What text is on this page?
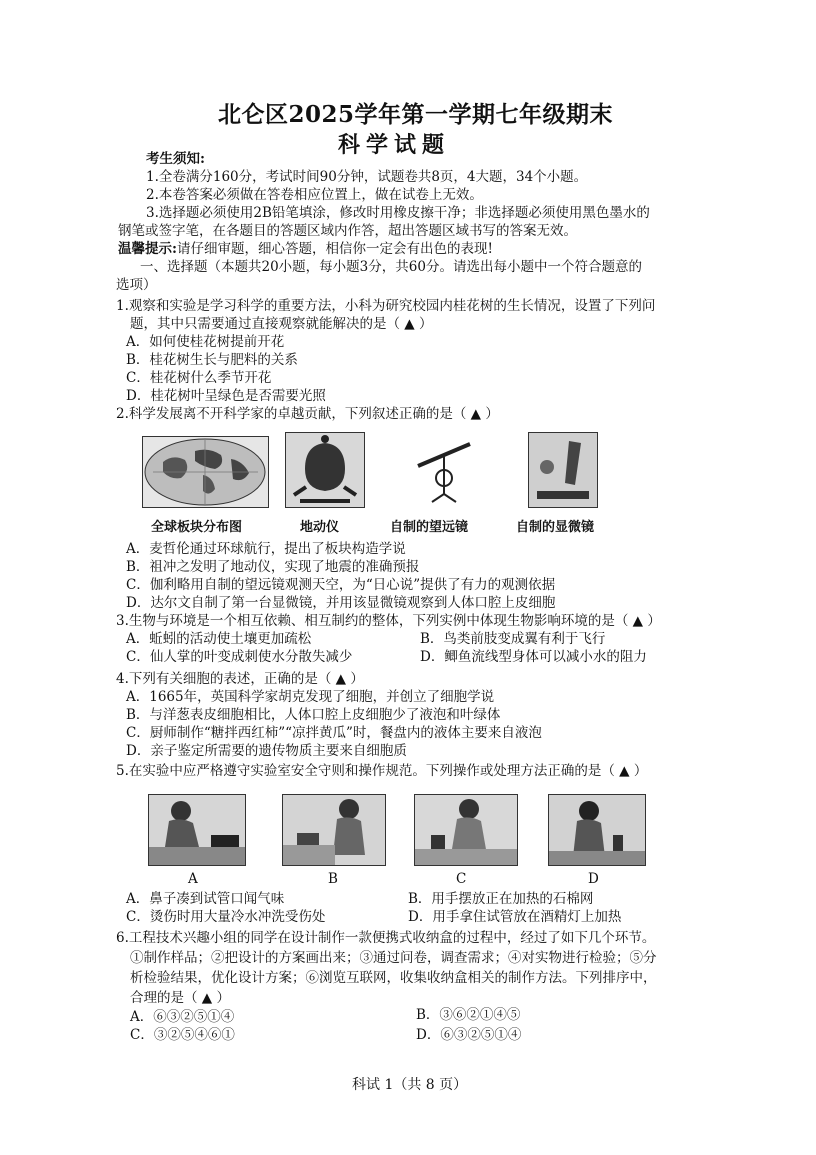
北仑区2025学年第一学期七年级期末
科学试题
考生须知:
1.全卷满分160分，考试时间90分钟，试题卷共8页，4大题，34个小题。
2.本卷答案必须做在答卷相应位置上，做在试卷上无效。
3.选择题必须使用2B铅笔填涂，修改时用橡皮擦干净；非选择题必须使用黑色墨水的
钢笔或签字笔，在各题目的答题区域内作答，超出答题区域书写的答案无效。
温馨提示:请仔细审题，细心答题，相信你一定会有出色的表现!
一、选择题（本题共20小题，每小题3分，共60分。请选出每小题中一个符合题意的
选项）
1.观察和实验是学习科学的重要方法，小科为研究校园内桂花树的生长情况，设置了下列问
题，其中只需要通过直接观察就能解决的是（ ▲ ）
A．如何使桂花树提前开花
B．桂花树生长与肥料的关系
C．桂花树什么季节开花
D．桂花树叶呈绿色是否需要光照
2.科学发展离不开科学家的卓越贡献，下列叙述正确的是（ ▲ ）
全球板块分布图	地动仪	自制的望远镜	自制的显微镜
A．麦哲伦通过环球航行，提出了板块构造学说
B．祖冲之发明了地动仪，实现了地震的准确预报
C．伽利略用自制的望远镜观测天空，为“日心说”提供了有力的观测依据
D．达尔文自制了第一台显微镜，并用该显微镜观察到人体口腔上皮细胞
3.生物与环境是一个相互依赖、相互制约的整体，下列实例中体现生物影响环境的是（ ▲ ）
A．蚯蚓的活动使土壤更加疏松	B．鸟类前肢变成翼有利于飞行
C．仙人掌的叶变成刺使水分散失减少	D．鲫鱼流线型身体可以减小水的阻力
4.下列有关细胞的表述，正确的是（ ▲ ）
A．1665年，英国科学家胡克发现了细胞，并创立了细胞学说
B．与洋葱表皮细胞相比，人体口腔上皮细胞少了液泡和叶绿体
C．厨师制作“糖拌西红柿”“凉拌黄瓜”时，餐盘内的液体主要来自液泡
D．亲子鉴定所需要的遗传物质主要来自细胞质
5.在实验中应严格遵守实验室安全守则和操作规范。下列操作或处理方法正确的是（ ▲ ）
A	B	C	D
A．鼻子凑到试管口闻气味	B．用手摆放正在加热的石棉网
C．烫伤时用大量冷水冲洗受伤处	D．用手拿住试管放在酒精灯上加热
6.工程技术兴趣小组的同学在设计制作一款便携式收纳盒的过程中，经过了如下几个环节。
①制作样品；②把设计的方案画出来；③通过问卷，调查需求；④对实物进行检验；⑤分
析检验结果，优化设计方案；⑥浏览互联网，收集收纳盒相关的制作方法。下列排序中，
合理的是（ ▲ ）
A．⑥③②⑤①④	B．③⑥②①④⑤
C．③②⑤④⑥①	D．⑥③②⑤①④
科试 1（共 8 页）
